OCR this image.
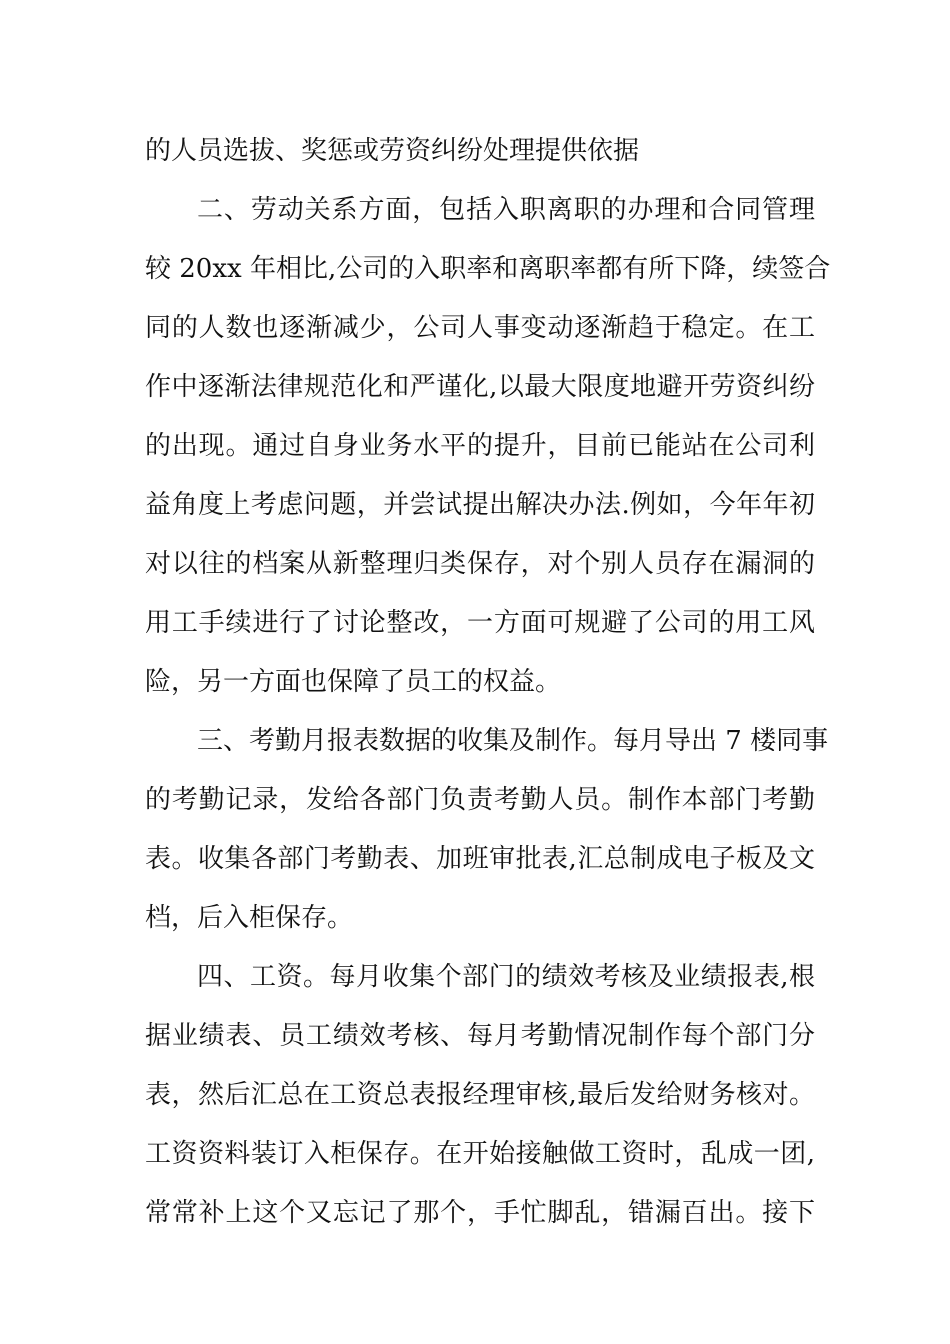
的人员选拔、奖惩或劳资纠纷处理提供依据
二、劳动关系方面，包括入职离职的办理和合同管理
较 20xx 年相比,公司的入职率和离职率都有所下降，续签合
同的人数也逐渐减少，公司人事变动逐渐趋于稳定。在工
作中逐渐法律规范化和严谨化,以最大限度地避开劳资纠纷
的出现。通过自身业务水平的提升，目前已能站在公司利
益角度上考虑问题，并尝试提出解决办法.例如，今年年初
对以往的档案从新整理归类保存，对个别人员存在漏洞的
用工手续进行了讨论整改，一方面可规避了公司的用工风
险，另一方面也保障了员工的权益。
三、考勤月报表数据的收集及制作。每月导出 7 楼同事
的考勤记录，发给各部门负责考勤人员。制作本部门考勤
表。收集各部门考勤表、加班审批表,汇总制成电子板及文
档，后入柜保存。
四、工资。每月收集个部门的绩效考核及业绩报表,根
据业绩表、员工绩效考核、每月考勤情况制作每个部门分
表，然后汇总在工资总表报经理审核,最后发给财务核对。
工资资料装订入柜保存。在开始接触做工资时，乱成一团,
常常补上这个又忘记了那个，手忙脚乱，错漏百出。接下
